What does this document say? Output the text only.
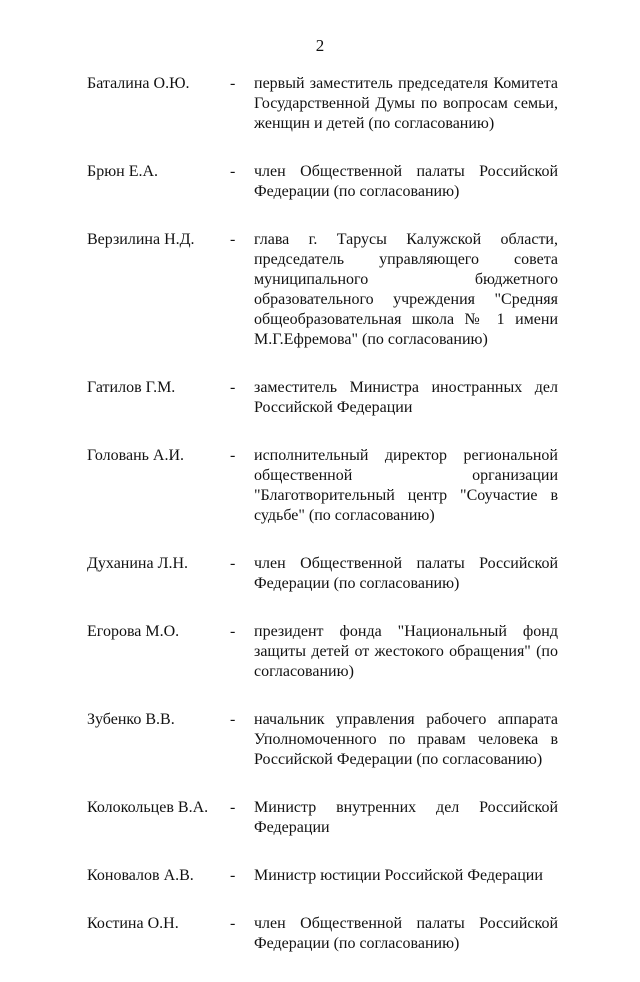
2
Баталина О.Ю.	- первый заместитель председателя Комитета Государственной Думы по вопросам семьи, женщин и детей (по согласованию)
Брюн Е.А.	- член Общественной палаты Российской Федерации (по согласованию)
Верзилина Н.Д.	- глава г. Тарусы Калужской области, председатель управляющего совета муниципального бюджетного образовательного учреждения "Средняя общеобразовательная школа № 1 имени М.Г.Ефремова" (по согласованию)
Гатилов Г.М.	- заместитель Министра иностранных дел Российской Федерации
Головань А.И.	- исполнительный директор региональной общественной организации "Благотворительный центр "Соучастие в судьбе" (по согласованию)
Духанина Л.Н.	- член Общественной палаты Российской Федерации (по согласованию)
Егорова М.О.	- президент фонда "Национальный фонд защиты детей от жестокого обращения" (по согласованию)
Зубенко В.В.	- начальник управления рабочего аппарата Уполномоченного по правам человека в Российской Федерации (по согласованию)
Колокольцев В.А.	- Министр внутренних дел Российской Федерации
Коновалов А.В.	- Министр юстиции Российской Федерации
Костина О.Н.	- член Общественной палаты Российской Федерации (по согласованию)
